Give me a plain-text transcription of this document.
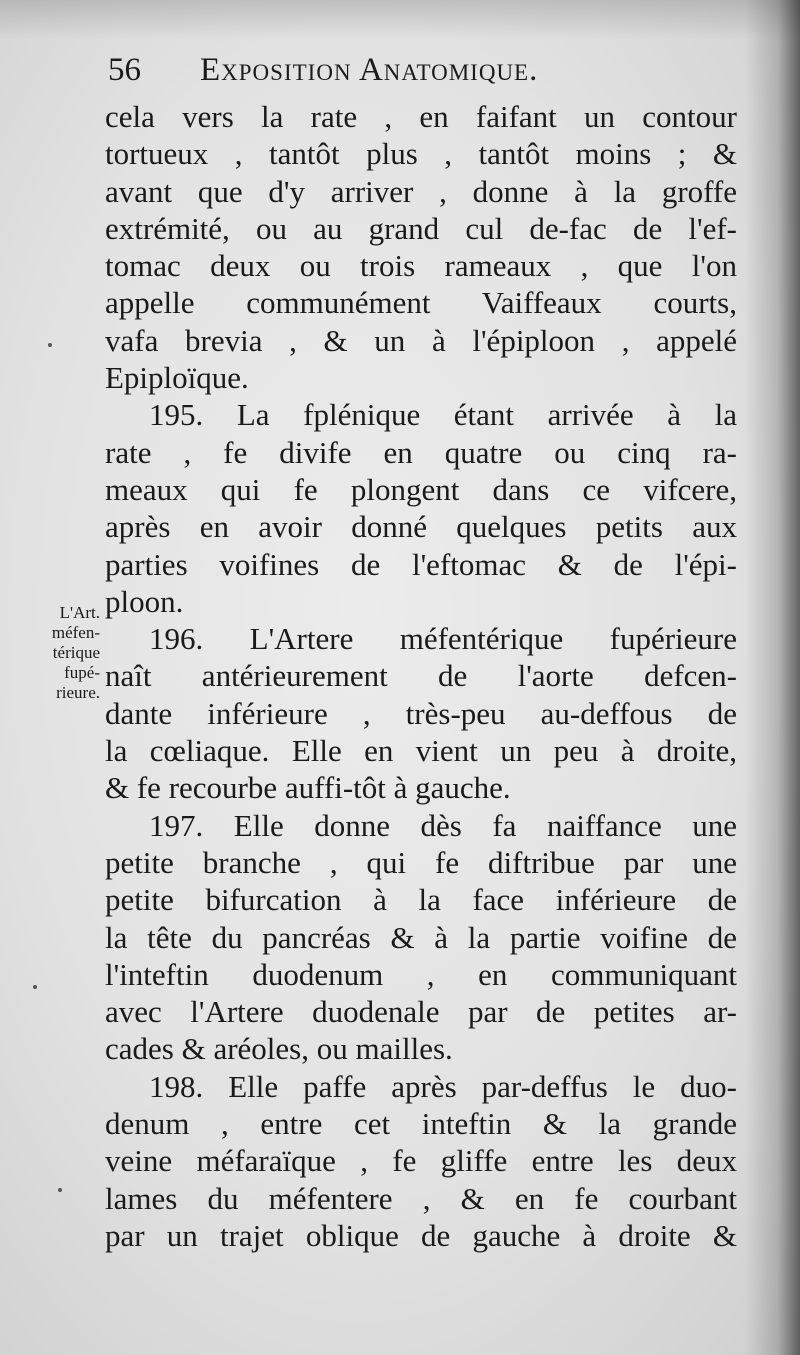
56 Exposition Anatomique.
L'Art.
méfen-
térique
fupé-
rieure.
cela vers la rate , en faifant un contour
tortueux , tantôt plus , tantôt moins ; &
avant que d'y arriver , donne à la groffe
extrémité, ou au grand cul de-fac de l'ef-
tomac deux ou trois rameaux , que l'on
appelle communément Vaiffeaux courts,
vafa brevia , & un à l'épiploon , appelé
Epiploïque.
195. La fplénique étant arrivée à la
rate , fe divife en quatre ou cinq ra-
meaux qui fe plongent dans ce vifcere,
après en avoir donné quelques petits aux
parties voifines de l'eftomac & de l'épi-
ploon.
196. L'Artere méfentérique fupérieure
naît antérieurement de l'aorte defcen-
dante inférieure , très-peu au-deffous de
la cœliaque. Elle en vient un peu à droite,
& fe recourbe auffi-tôt à gauche.
197. Elle donne dès fa naiffance une
petite branche , qui fe diftribue par une
petite bifurcation à la face inférieure de
la tête du pancréas & à la partie voifine de
l'inteftin duodenum , en communiquant
avec l'Artere duodenale par de petites ar-
cades & aréoles, ou mailles.
198. Elle paffe après par-deffus le duo-
denum , entre cet inteftin & la grande
veine méfaraïque , fe gliffe entre les deux
lames du méfentere , & en fe courbant
par un trajet oblique de gauche à droite &
